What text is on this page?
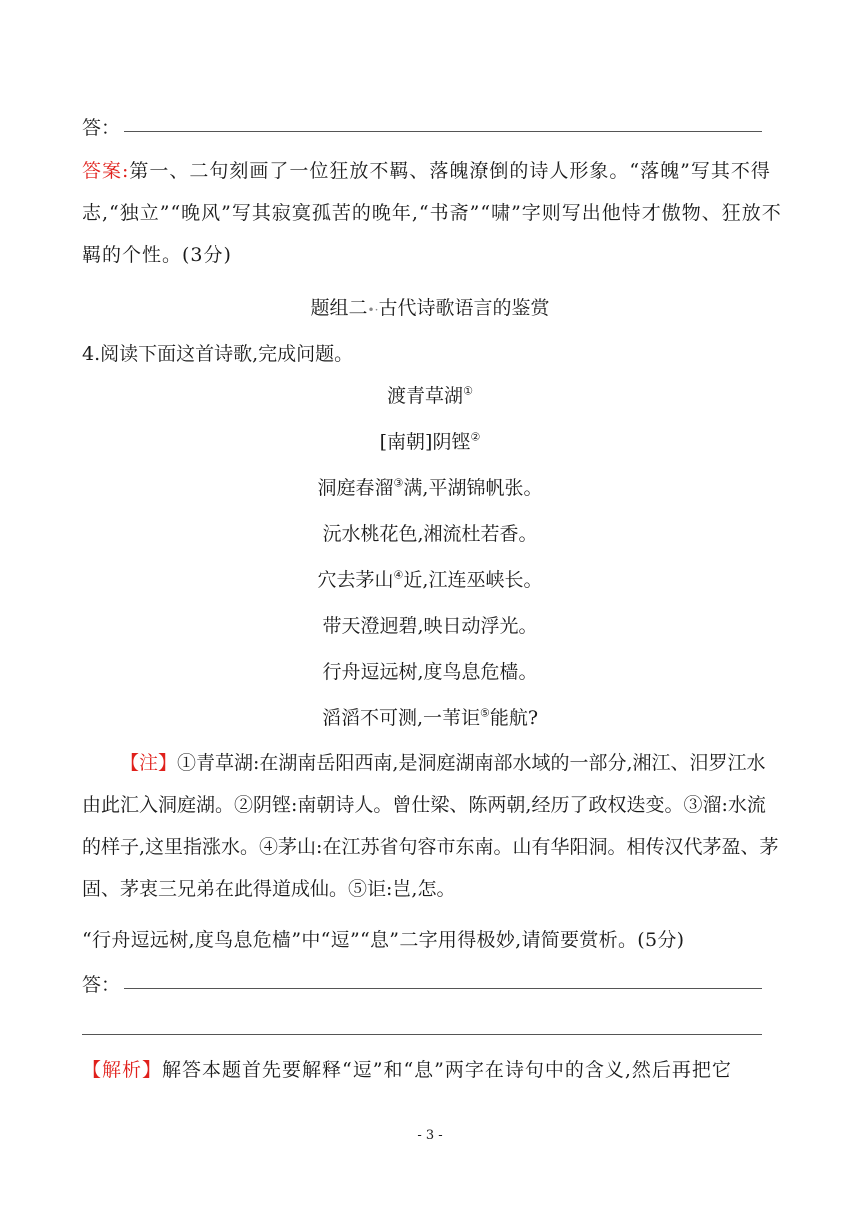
答：
答案:第一、二句刻画了一位狂放不羁、落魄潦倒的诗人形象。“落魄”写其不得志,“独立”“晚风”写其寂寞孤苦的晚年,“书斋”“啸”字则写出他恃才傲物、狂放不羁的个性。(3分)
题组二•·古代诗歌语言的鉴赏
4.阅读下面这首诗歌,完成问题。
渡青草湖①
[南朝]阴铿②
洞庭春溜③满,平湖锦帆张。
沅水桃花色,湘流杜若香。
穴去茅山④近,江连巫峡长。
带天澄迥碧,映日动浮光。
行舟逗远树,度鸟息危樯。
滔滔不可测,一苇讵⑤能航?
【注】①青草湖:在湖南岳阳西南,是洞庭湖南部水域的一部分,湘江、汨罗江水由此汇入洞庭湖。②阴铿:南朝诗人。曾仕梁、陈两朝,经历了政权迭变。③溜:水流的样子,这里指涨水。④茅山:在江苏省句容市东南。山有华阳洞。相传汉代茅盈、茅固、茅衷三兄弟在此得道成仙。⑤讵:岂,怎。
“行舟逗远树,度鸟息危樯”中“逗”“息”二字用得极妙,请简要赏析。(5分)
答：
【解析】解答本题首先要解释“逗”和“息”两字在诗句中的含义,然后再把它
- 3 -
